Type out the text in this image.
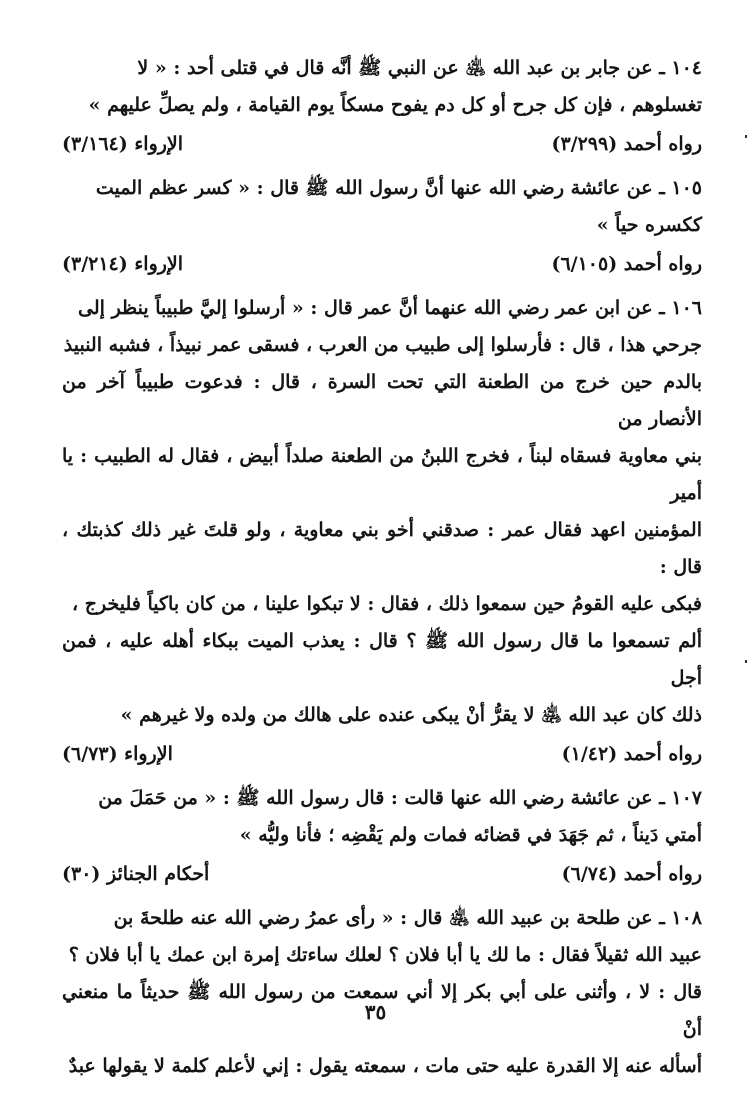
١٠٤ ـ عن جابر بن عبد الله ﵁ عن النبي ﷺ أنَّه قال في قتلى أحد : « لا

تغسلوهم ، فإن كل جرح أو كل دم يفوح مسكاً يوم القيامة ، ولم يصلِّ عليهم »

رواه أحمد (٣/٢٩٩)
الإرواء (٣/١٦٤)

١٠٥ ـ عن عائشة رضي الله عنها أنَّ رسول الله ﷺ قال : « كسر عظم الميت

ككسره حياً »

رواه أحمد (٦/١٠٥)
الإرواء (٣/٢١٤)

١٠٦ ـ عن ابن عمر رضي الله عنهما أنَّ عمر قال : « أرسلوا إليَّ طبيباً ينظر إلى

جرحي هذا ، قال : فأرسلوا إلى طبيب من العرب ، فسقى عمر نبيذاً ، فشبه النبيذ

بالدم حين خرج من الطعنة التي تحت السرة ، قال : فدعوت طبيباً آخر من الأنصار من

بني معاوية فسقاه لبناً ، فخرج اللبنُ من الطعنة صلداً أبيض ، فقال له الطبيب : يا أمير

المؤمنين اعهد فقال عمر : صدقني أخو بني معاوية ، ولو قلتَ غير ذلك كذبتك ، قال :

فبكى عليه القومُ حين سمعوا ذلك ، فقال : لا تبكوا علينا ، من كان باكياً فليخرج ،

ألم تسمعوا ما قال رسول الله ﷺ ؟ قال : يعذب الميت ببكاء أهله عليه ، فمن أجل

ذلك كان عبد الله ﵁ لا يقرُّ أنْ يبكى عنده على هالك من ولده ولا غيرهم »

رواه أحمد (١/٤٢)
الإرواء (٦/٧٣)

١٠٧ ـ عن عائشة رضي الله عنها قالت : قال رسول الله ﷺ : « من حَمَلَ من

أمتي دَيناً ، ثم جَهَدَ في قضائه فمات ولم يَقْضِه ؛ فأنا وليُّه »

رواه أحمد (٦/٧٤)
أحكام الجنائز (٣٠)

١٠٨ ـ عن طلحة بن عبيد الله ﵁ قال : « رأى عمرُ رضي الله عنه طلحةَ بن

عبيد الله ثقيلاً فقال : ما لك يا أبا فلان ؟ لعلك ساءتك إمرة ابن عمك يا أبا فلان ؟

قال : لا ، وأثنى على أبي بكر إلا أني سمعت من رسول الله ﷺ حديثاً ما منعني أنْ

أسأله عنه إلا القدرة عليه حتى مات ، سمعته يقول : إني لأعلم كلمة لا يقولها عبدٌ

٣٥
